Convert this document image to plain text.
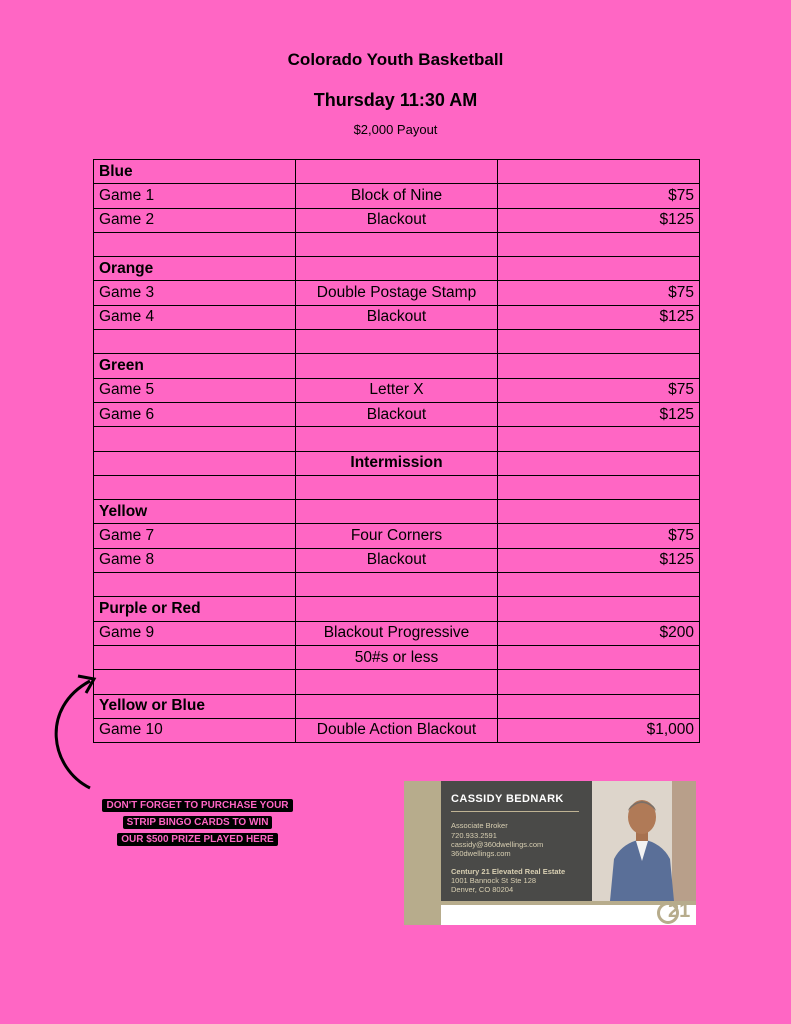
Colorado Youth Basketball
Thursday 11:30 AM
$2,000 Payout
Blue		
Game 1	Block of Nine	$75
Game 2	Blackout	$125

Orange		
Game 3	Double Postage Stamp	$75
Game 4	Blackout	$125

Green		
Game 5	Letter X	$75
Game 6	Blackout	$125

	Intermission	

Yellow		
Game 7	Four Corners	$75
Game 8	Blackout	$125

Purple or Red		
Game 9	Blackout Progressive	$200
	50#s or less	

Yellow or Blue		
Game 10	Double Action Blackout	$1,000
DON'T FORGET TO PURCHASE YOUR
STRIP BINGO CARDS TO WIN
OUR $500 PRIZE PLAYED HERE
CASSIDY BEDNARK
Associate Broker
720.933.2591
cassidy@360dwellings.com
360dwellings.com
Century 21 Elevated Real Estate
1001 Bannock St Ste 128
Denver, CO 80204
21
